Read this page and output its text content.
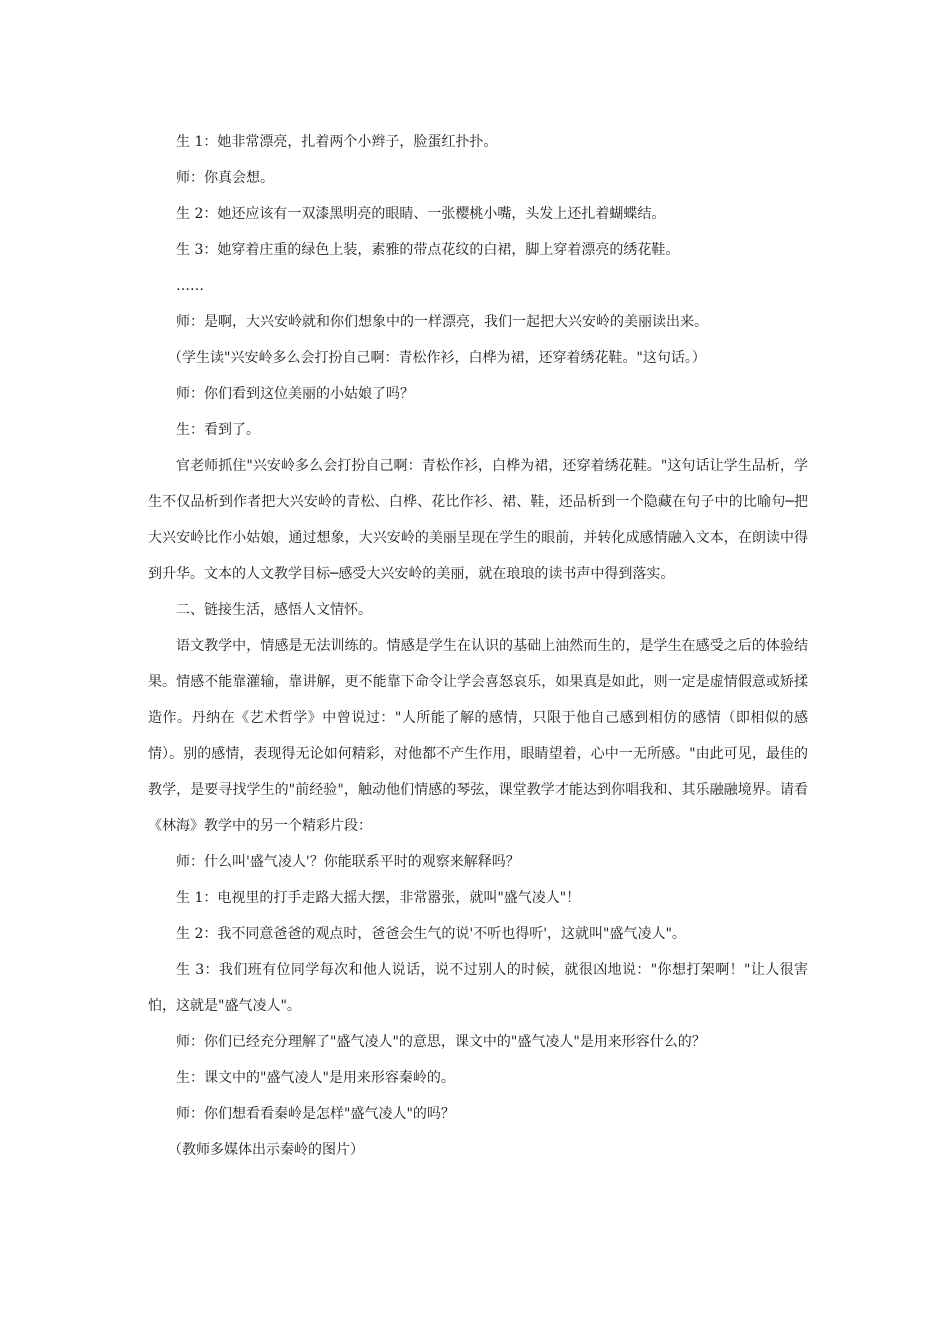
生 1：她非常漂亮，扎着两个小辫子，脸蛋红扑扑。

师：你真会想。

生 2：她还应该有一双漆黑明亮的眼睛、一张樱桃小嘴，头发上还扎着蝴蝶结。

生 3：她穿着庄重的绿色上装，素雅的带点花纹的白裙，脚上穿着漂亮的绣花鞋。

……

师：是啊，大兴安岭就和你们想象中的一样漂亮，我们一起把大兴安岭的美丽读出来。

（学生读"兴安岭多么会打扮自己啊：青松作衫，白桦为裙，还穿着绣花鞋。"这句话。）

师：你们看到这位美丽的小姑娘了吗？

生：看到了。

官老师抓住"兴安岭多么会打扮自己啊：青松作衫，白桦为裙，还穿着绣花鞋。"这句话让学生品析，学生不仅品析到作者把大兴安岭的青松、白桦、花比作衫、裙、鞋，还品析到一个隐藏在句子中的比喻句─把大兴安岭比作小姑娘，通过想象，大兴安岭的美丽呈现在学生的眼前，并转化成感情融入文本，在朗读中得到升华。文本的人文教学目标─感受大兴安岭的美丽，就在琅琅的读书声中得到落实。

二、链接生活，感悟人文情怀。

语文教学中，情感是无法训练的。情感是学生在认识的基础上油然而生的，是学生在感受之后的体验结果。情感不能靠灌输，靠讲解，更不能靠下命令让学会喜怒哀乐，如果真是如此，则一定是虚情假意或矫揉造作。丹纳在《艺术哲学》中曾说过："人所能了解的感情，只限于他自己感到相仿的感情（即相似的感情）。别的感情，表现得无论如何精彩，对他都不产生作用，眼睛望着，心中一无所感。"由此可见，最佳的教学，是要寻找学生的"前经验"，触动他们情感的琴弦，课堂教学才能达到你唱我和、其乐融融境界。请看《林海》教学中的另一个精彩片段：

师：什么叫'盛气凌人'？你能联系平时的观察来解释吗？

生 1：电视里的打手走路大摇大摆，非常嚣张，就叫"盛气凌人"！

生 2：我不同意爸爸的观点时，爸爸会生气的说'不听也得听'，这就叫"盛气凌人"。

生 3：我们班有位同学每次和他人说话，说不过别人的时候，就很凶地说："你想打架啊！"让人很害怕，这就是"盛气凌人"。

师：你们已经充分理解了"盛气凌人"的意思，课文中的"盛气凌人"是用来形容什么的？

生：课文中的"盛气凌人"是用来形容秦岭的。

师：你们想看看秦岭是怎样"盛气凌人"的吗？

（教师多媒体出示秦岭的图片）
